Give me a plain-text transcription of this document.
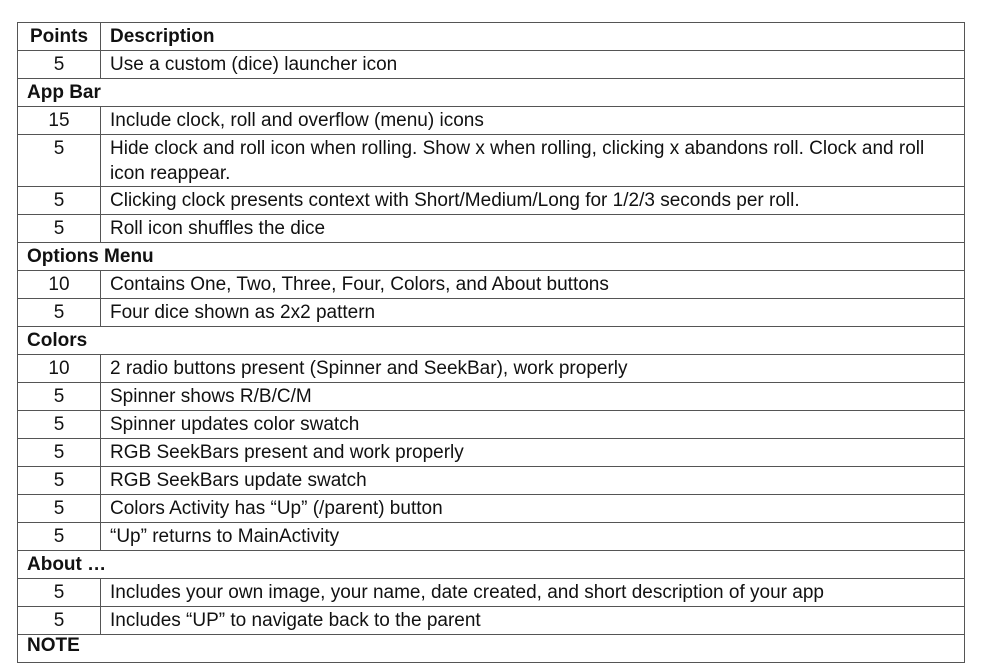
Points	Description
5	Use a custom (dice) launcher icon
App Bar	
15	Include clock, roll and overflow (menu) icons
5	Hide clock and roll icon when rolling. Show x when rolling, clicking x abandons roll. Clock and roll icon reappear.
5	Clicking clock presents context with Short/Medium/Long for 1/2/3 seconds per roll.
5	Roll icon shuffles the dice
Options Menu	
10	Contains One, Two, Three, Four, Colors, and About buttons
5	Four dice shown as 2x2 pattern
Colors	
10	2 radio buttons present (Spinner and SeekBar), work properly
5	Spinner shows R/B/C/M
5	Spinner updates color swatch
5	RGB SeekBars present and work properly
5	RGB SeekBars update swatch
5	Colors Activity has “Up” (/parent) button
5	“Up” returns to MainActivity
About …	
5	Includes your own image, your name, date created, and short description of your app
5	Includes “UP” to navigate back to the parent
NOTE	
